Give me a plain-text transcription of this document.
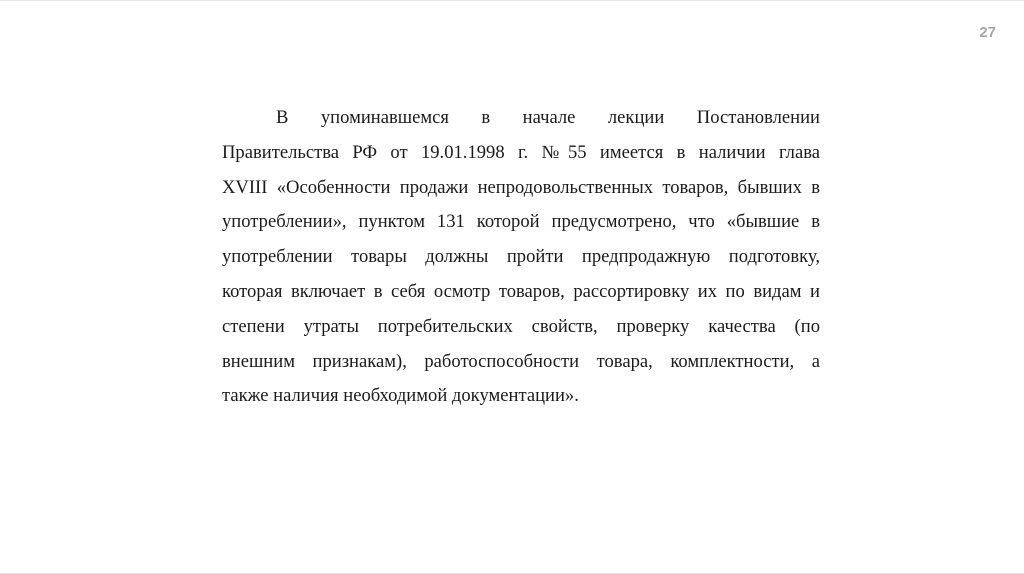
27
В упоминавшемся в начале лекции Постановлении
Правительства РФ от 19.01.1998 г. №55 имеется в наличии глава
XVIII «Особенности продажи непродовольственных товаров, бывших в
употреблении», пунктом 131 которой предусмотрено, что «бывшие в
употреблении товары должны пройти предпродажную подготовку,
которая включает в себя осмотр товаров, рассортировку их по видам и
степени утраты потребительских свойств, проверку качества (по
внешним признакам), работоспособности товара, комплектности, а
также наличия необходимой документации».
